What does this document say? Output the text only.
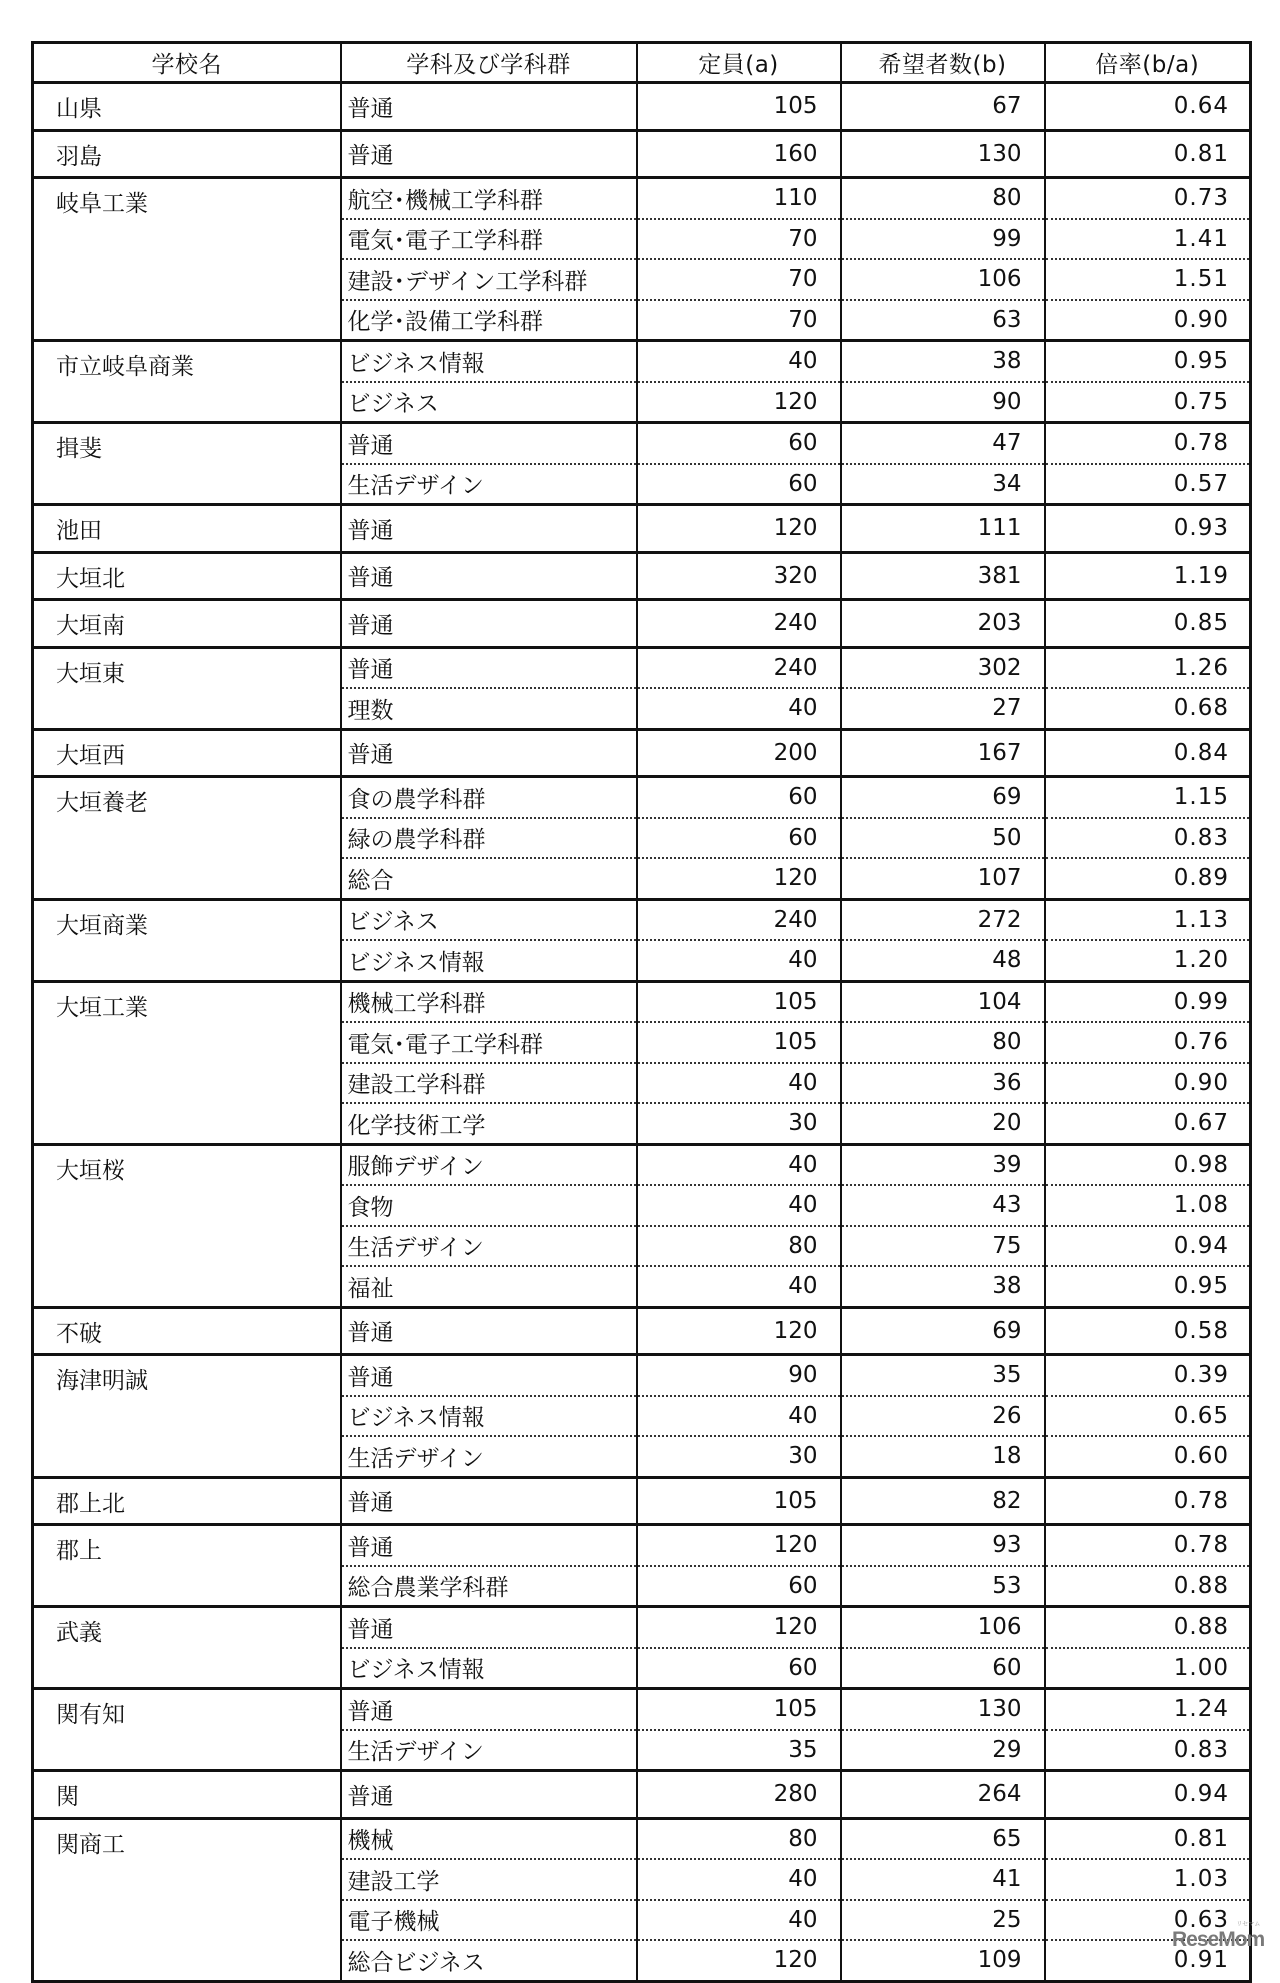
学校名	学科及び学科群	定員(a)	希望者数(b)	倍率(b/a)
山県	普通	105	67	0.64
羽島	普通	160	130	0.81
岐阜工業	航空･機械工学科群	110	80	0.73
	電気･電子工学科群	70	99	1.41
	建設･デザイン工学科群	70	106	1.51
	化学･設備工学科群	70	63	0.90
市立岐阜商業	ビジネス情報	40	38	0.95
	ビジネス	120	90	0.75
揖斐	普通	60	47	0.78
	生活デザイン	60	34	0.57
池田	普通	120	111	0.93
大垣北	普通	320	381	1.19
大垣南	普通	240	203	0.85
大垣東	普通	240	302	1.26
	理数	40	27	0.68
大垣西	普通	200	167	0.84
大垣養老	食の農学科群	60	69	1.15
	緑の農学科群	60	50	0.83
	総合	120	107	0.89
大垣商業	ビジネス	240	272	1.13
	ビジネス情報	40	48	1.20
大垣工業	機械工学科群	105	104	0.99
	電気･電子工学科群	105	80	0.76
	建設工学科群	40	36	0.90
	化学技術工学	30	20	0.67
大垣桜	服飾デザイン	40	39	0.98
	食物	40	43	1.08
	生活デザイン	80	75	0.94
	福祉	40	38	0.95
不破	普通	120	69	0.58
海津明誠	普通	90	35	0.39
	ビジネス情報	40	26	0.65
	生活デザイン	30	18	0.60
郡上北	普通	105	82	0.78
郡上	普通	120	93	0.78
	総合農業学科群	60	53	0.88
武義	普通	120	106	0.88
	ビジネス情報	60	60	1.00
関有知	普通	105	130	1.24
	生活デザイン	35	29	0.83
関	普通	280	264	0.94
関商工	機械	80	65	0.81
	建設工学	40	41	1.03
	電子機械	40	25	0.63
	総合ビジネス	120	109	0.91
ReseMom
リセマム
